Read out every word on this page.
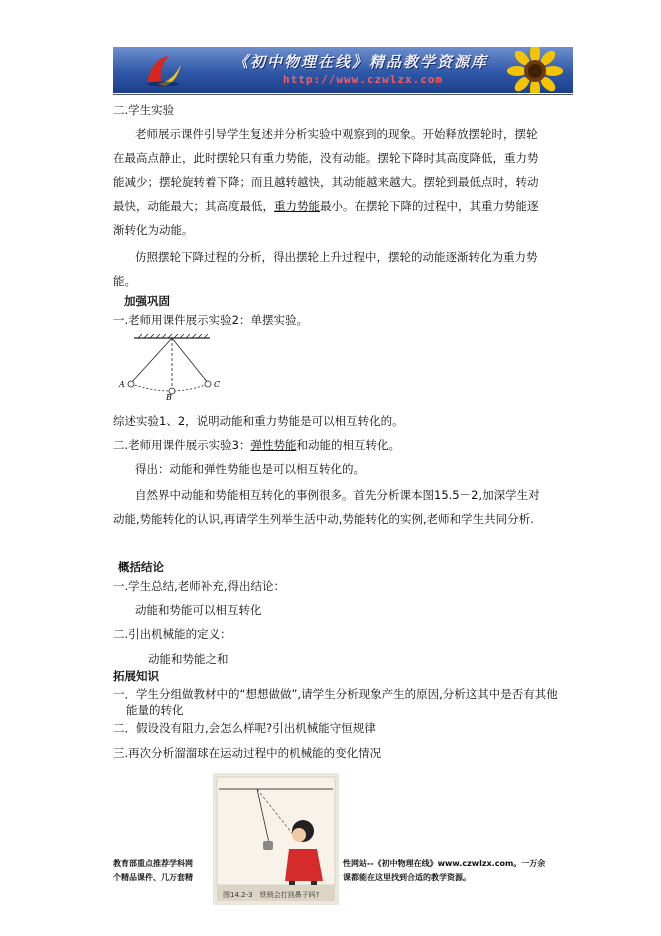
《初中物理在线》精品教学资源库
http://www.czwlzx.com
二.学生实验
老师展示课件引导学生复述并分析实验中观察到的现象。开始释放摆轮时，摆轮
在最高点静止，此时摆轮只有重力势能，没有动能。摆轮下降时其高度降低，重力势
能减少；摆轮旋转着下降；而且越转越快，其动能越来越大。摆轮到最低点时，转动
最快，动能最大；其高度最低，重力势能最小。在摆轮下降的过程中，其重力势能逐
渐转化为动能。
仿照摆轮下降过程的分析，得出摆轮上升过程中，摆轮的动能逐渐转化为重力势
能。
加强巩固
一.老师用课件展示实验2：单摆实验。
A
B
C
综述实验1、2，说明动能和重力势能是可以相互转化的。
二.老师用课件展示实验3：弹性势能和动能的相互转化。
得出：动能和弹性势能也是可以相互转化的。
自然界中动能和势能相互转化的事例很多。首先分析课本图15.5－2,加深学生对
动能,势能转化的认识,再请学生列举生活中动,势能转化的实例,老师和学生共同分析.
概括结论
一.学生总结,老师补充,得出结论：
动能和势能可以相互转化
二.引出机械能的定义：
动能和势能之和
拓展知识
一．学生分组做教材中的“想想做做”,请学生分析现象产生的原因,分析这其中是否有其他
能量的转化
二．假设没有阻力,会怎么样呢?引出机械能守恒规律
三.再次分析溜溜球在运动过程中的机械能的变化情况
图14.2-3　铁锁会打到鼻子吗?
教育部重点推荐学科网	性网站--《初中物理在线》www.czwlzx.com。一万余
个精品课件、几万套精	课都能在这里找到合适的教学资源。
